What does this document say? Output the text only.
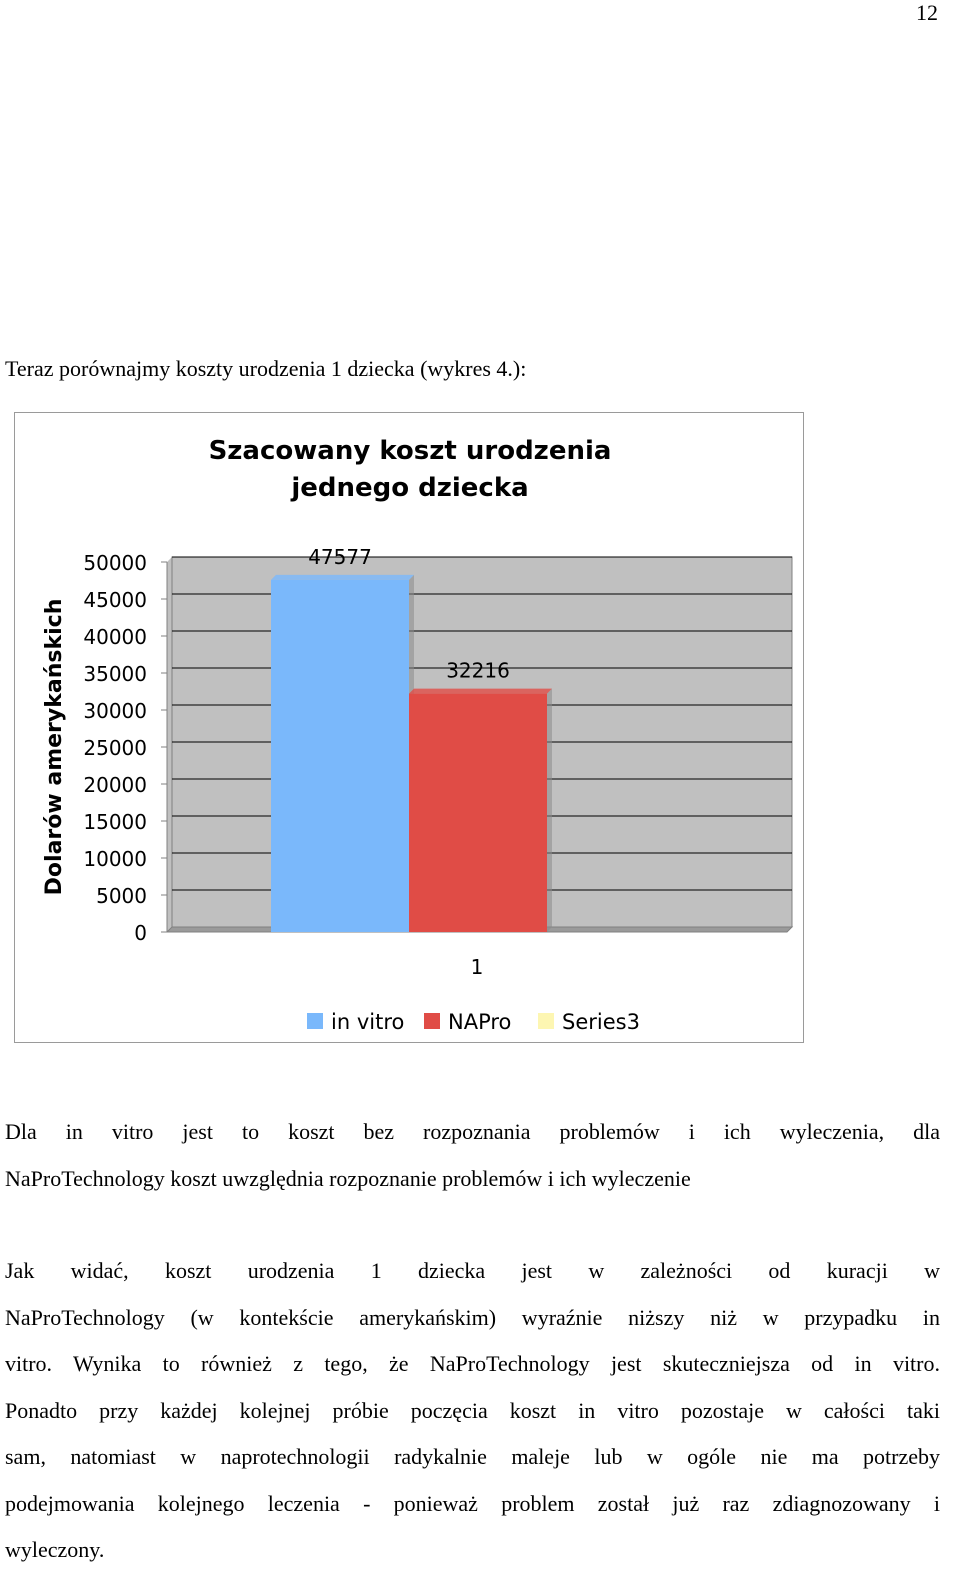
12
Teraz porównajmy koszty urodzenia 1 dziecka (wykres 4.):
Szacowany koszt urodzenia
jednego dziecka
0
5000
10000
15000
20000
25000
30000
35000
40000
45000
50000
Dolarów amerykańskich
47577
32216
1
in vitro NAPro Series3
Dla in vitro jest to koszt bez rozpoznania problemów i ich wyleczenia, dla
NaProTechnology koszt uwzględnia rozpoznanie problemów i ich wyleczenie
Jak widać, koszt urodzenia 1 dziecka jest w zależności od kuracji w
NaProTechnology (w kontekście amerykańskim) wyraźnie niższy niż w przypadku in
vitro. Wynika to również z tego, że NaProTechnology jest skuteczniejsza od in vitro.
Ponadto przy każdej kolejnej próbie poczęcia koszt in vitro pozostaje w całości taki
sam, natomiast w naprotechnologii radykalnie maleje lub w ogóle nie ma potrzeby
podejmowania kolejnego leczenia - ponieważ problem został już raz zdiagnozowany i
wyleczony.
